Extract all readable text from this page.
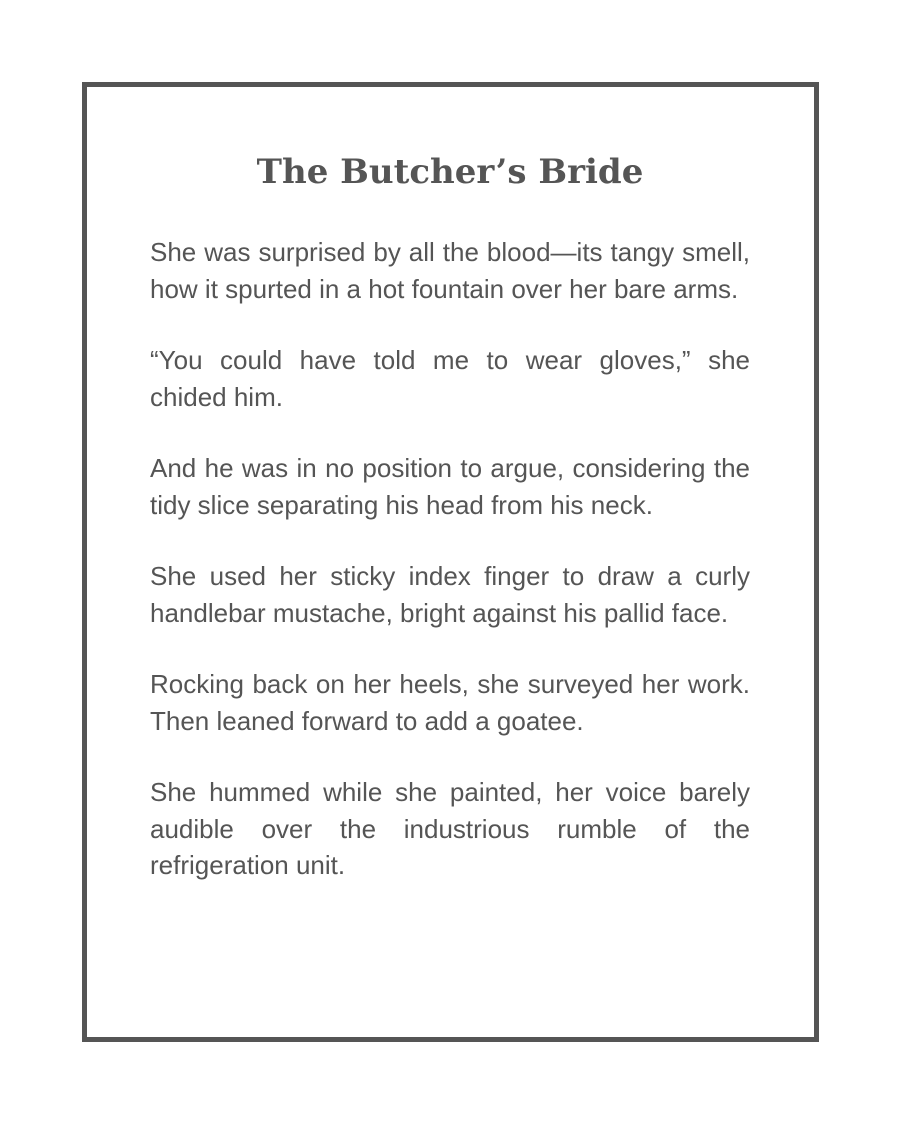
The Butcher’s Bride

She was surprised by all the blood—its tangy smell, how it spurted in a hot fountain over her bare arms.

“You could have told me to wear gloves,” she chided him.

And he was in no position to argue, considering the tidy slice separating his head from his neck.

She used her sticky index finger to draw a curly handlebar mustache, bright against his pallid face.

Rocking back on her heels, she surveyed her work. Then leaned forward to add a goatee.

She hummed while she painted, her voice barely audible over the industrious rumble of the refrigeration unit.
